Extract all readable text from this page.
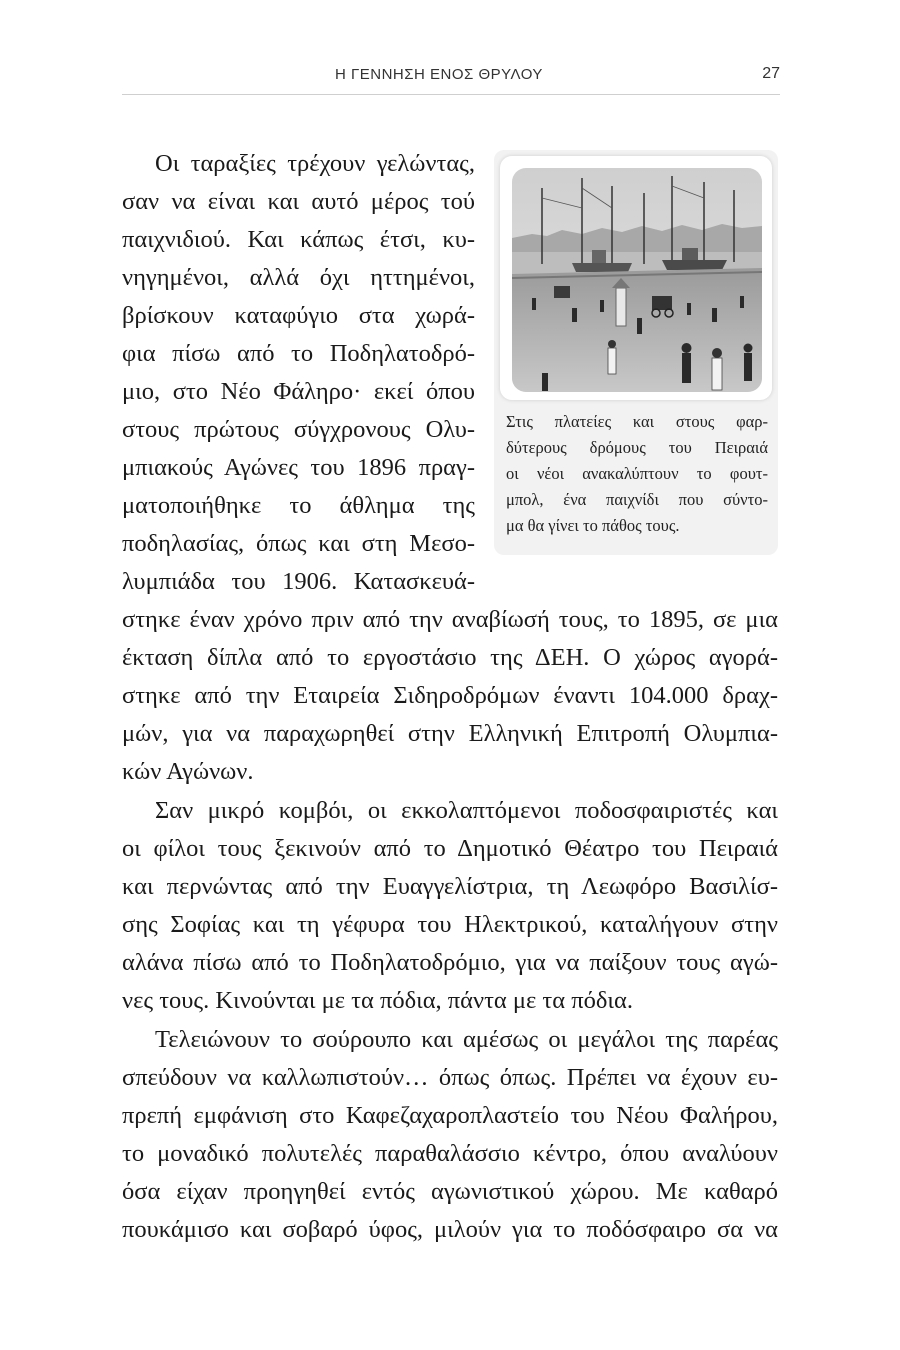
Η ΓΕΝΝΗΣΗ ΕΝΟΣ ΘΡΥΛΟΥ	27
Στις πλατείες και στους φαρ-
δύτερους δρόμους του Πειραιά
οι νέοι ανακαλύπτουν το φουτ-
μπολ, ένα παιχνίδι που σύντο-
μα θα γίνει το πάθος τους.
Οι ταραξίες τρέχουν γελώντας,
σαν να είναι και αυτό μέρος τού
παιχνιδιού. Και κάπως έτσι, κυ-
νηγημένοι, αλλά όχι ηττημένοι,
βρίσκουν καταφύγιο στα χωρά-
φια πίσω από το Ποδηλατοδρό-
μιο, στο Νέο Φάληρο· εκεί όπου
στους πρώτους σύγχρονους Ολυ-
μπιακούς Αγώνες του 1896 πραγ-
ματοποιήθηκε το άθλημα της
ποδηλασίας, όπως και στη Μεσο-
λυμπιάδα του 1906. Κατασκευά-
στηκε έναν χρόνο πριν από την αναβίωσή τους, το 1895, σε μια
έκταση δίπλα από το εργοστάσιο της ΔΕΗ. Ο χώρος αγορά-
στηκε από την Εταιρεία Σιδηροδρόμων έναντι 104.000 δραχ-
μών, για να παραχωρηθεί στην Ελληνική Επιτροπή Ολυμπια-
κών Αγώνων.
Σαν μικρό κομβόι, οι εκκολαπτόμενοι ποδοσφαιριστές και
οι φίλοι τους ξεκινούν από το Δημοτικό Θέατρο του Πειραιά
και περνώντας από την Ευαγγελίστρια, τη Λεωφόρο Βασιλίσ-
σης Σοφίας και τη γέφυρα του Ηλεκτρικού, καταλήγουν στην
αλάνα πίσω από το Ποδηλατοδρόμιο, για να παίξουν τους αγώ-
νες τους. Κινούνται με τα πόδια, πάντα με τα πόδια.
Τελειώνουν το σούρουπο και αμέσως οι μεγάλοι της παρέας
σπεύδουν να καλλωπιστούν… όπως όπως. Πρέπει να έχουν ευ-
πρεπή εμφάνιση στο Καφεζαχαροπλαστείο του Νέου Φαλήρου,
το μοναδικό πολυτελές παραθαλάσσιο κέντρο, όπου αναλύουν
όσα είχαν προηγηθεί εντός αγωνιστικού χώρου. Με καθαρό
πουκάμισο και σοβαρό ύφος, μιλούν για το ποδόσφαιρο σα να
